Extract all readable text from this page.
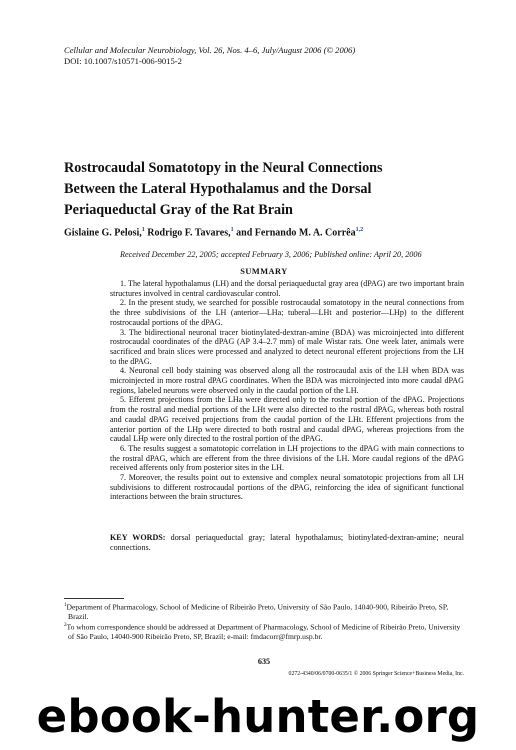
Cellular and Molecular Neurobiology, Vol. 26, Nos. 4–6, July/August 2006 (© 2006)
DOI: 10.1007/s10571-006-9015-2
Rostrocaudal Somatotopy in the Neural Connections
Between the Lateral Hypothalamus and the Dorsal
Periaqueductal Gray of the Rat Brain
Gislaine G. Pelosi,$^1$ Rodrigo F. Tavares,$^1$ and Fernando M. A. Corrêa$^{1,2}$
Received December 22, 2005; accepted February 3, 2006; Published online: April 20, 2006
SUMMARY

1. The lateral hypothalamus (LH) and the dorsal periaqueductal gray area (dPAG) are two important brain structures involved in central cardiovascular control.

2. In the present study, we searched for possible rostrocaudal somatotopy in the neural connections from the three subdivisions of the LH (anterior—LHa; tuberal—LHt and posterior—LHp) to the different rostrocaudal portions of the dPAG.

3. The bidirectional neuronal tracer biotinylated-dextran-amine (BDA) was microinjected into different rostrocaudal coordinates of the dPAG (AP 3.4–2.7 mm) of male Wistar rats. One week later, animals were sacrificed and brain slices were processed and analyzed to detect neuronal efferent projections from the LH to the dPAG.

4. Neuronal cell body staining was observed along all the rostrocaudal axis of the LH when BDA was microinjected in more rostral dPAG coordinates. When the BDA was microinjected into more caudal dPAG regions, labeled neurons were observed only in the caudal portion of the LH.

5. Efferent projections from the LHa were directed only to the rostral portion of the dPAG. Projections from the rostral and medial portions of the LHt were also directed to the rostral dPAG, whereas both rostral and caudal dPAG received projections from the caudal portion of the LHt. Efferent projections from the anterior portion of the LHp were directed to both rostral and caudal dPAG, whereas projections from the caudal LHp were only directed to the rostral portion of the dPAG.

6. The results suggest a somatotopic correlation in LH projections to the dPAG with main connections to the rostral dPAG, which are efferent from the three divisions of the LH. More caudal regions of the dPAG received afferents only from posterior sites in the LH.

7. Moreover, the results point out to extensive and complex neural somatotopic projections from all LH subdivisions to different rostrocaudal portions of the dPAG, reinforcing the idea of significant functional interactions between the brain structures.

KEY WORDS: dorsal periaqueductal gray; lateral hypothalamus; biotinylated-dextran-amine; neural connections.

$^1$Department of Pharmacology, School of Medicine of Ribeirão Preto, University of São Paulo, 14040-900, Ribeirão Preto, SP, Brazil.

$^2$To whom correspondence should be addressed at Department of Pharmacology, School of Medicine of Ribeirão Preto, University of São Paulo, 14040-900 Ribeirão Preto, SP, Brazil; e-mail: fmdacorr@fmrp.usp.br.

635
0272-4340/06/0700-0635/1 © 2006 Springer Science+Business Media, Inc.
ebook-hunter.org
